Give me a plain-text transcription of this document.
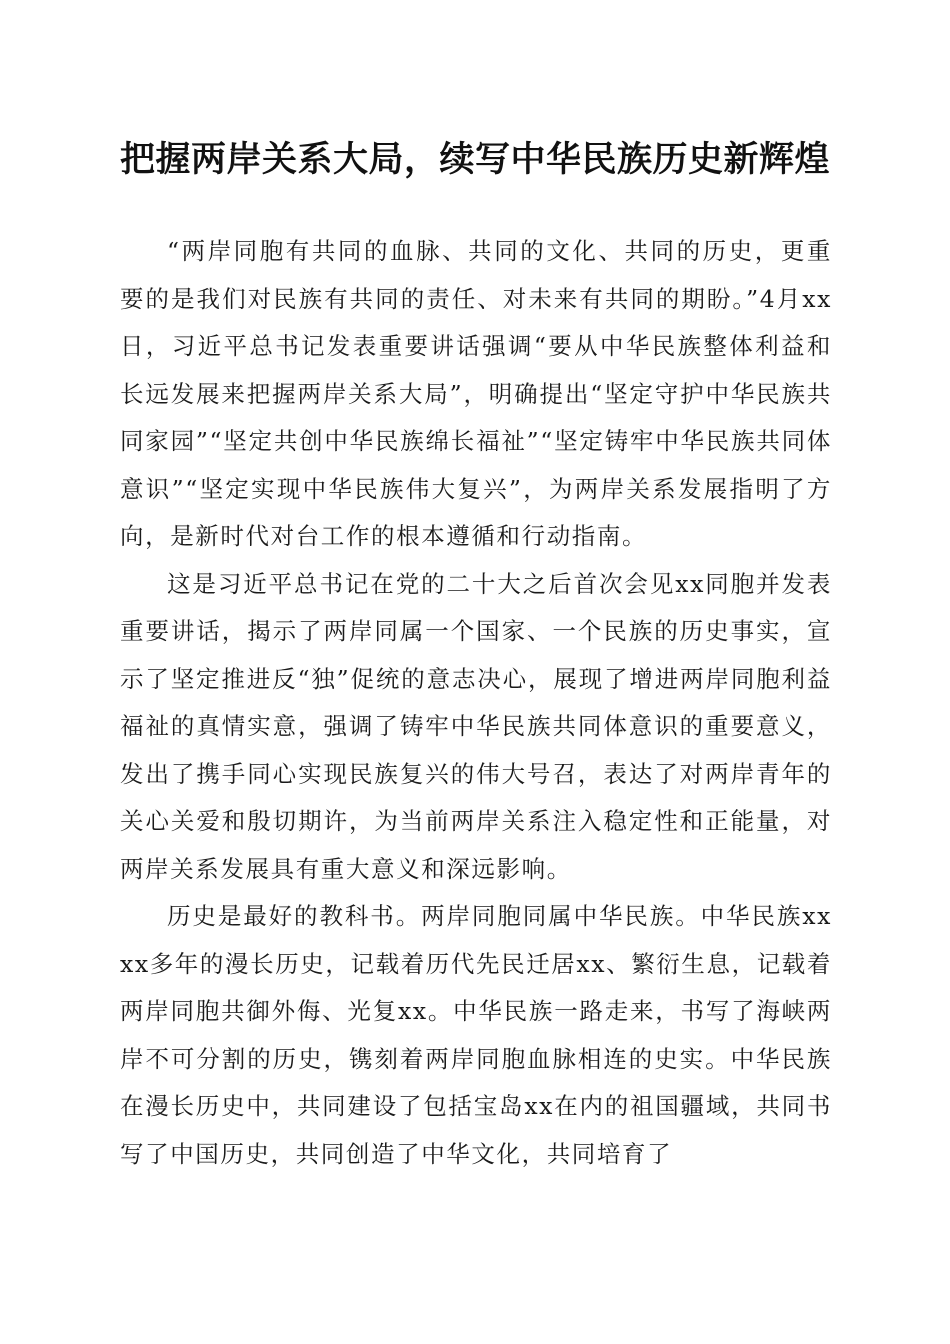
把握两岸关系大局，续写中华民族历史新辉煌

“两岸同胞有共同的血脉、共同的文化、共同的历史，更重要的是我们对民族有共同的责任、对未来有共同的期盼。”4月xx日，习近平总书记发表重要讲话强调“要从中华民族整体利益和长远发展来把握两岸关系大局”，明确提出“坚定守护中华民族共同家园”“坚定共创中华民族绵长福祉”“坚定铸牢中华民族共同体意识”“坚定实现中华民族伟大复兴”，为两岸关系发展指明了方向，是新时代对台工作的根本遵循和行动指南。

这是习近平总书记在党的二十大之后首次会见xx同胞并发表重要讲话，揭示了两岸同属一个国家、一个民族的历史事实，宣示了坚定推进反“独”促统的意志决心，展现了增进两岸同胞利益福祉的真情实意，强调了铸牢中华民族共同体意识的重要意义，发出了携手同心实现民族复兴的伟大号召，表达了对两岸青年的关心关爱和殷切期许，为当前两岸关系注入稳定性和正能量，对两岸关系发展具有重大意义和深远影响。

历史是最好的教科书。两岸同胞同属中华民族。中华民族xxxx多年的漫长历史，记载着历代先民迁居xx、繁衍生息，记载着两岸同胞共御外侮、光复xx。中华民族一路走来，书写了海峡两岸不可分割的历史，镌刻着两岸同胞血脉相连的史实。中华民族在漫长历史中，共同建设了包括宝岛xx在内的祖国疆域，共同书写了中国历史，共同创造了中华文化，共同培育了
